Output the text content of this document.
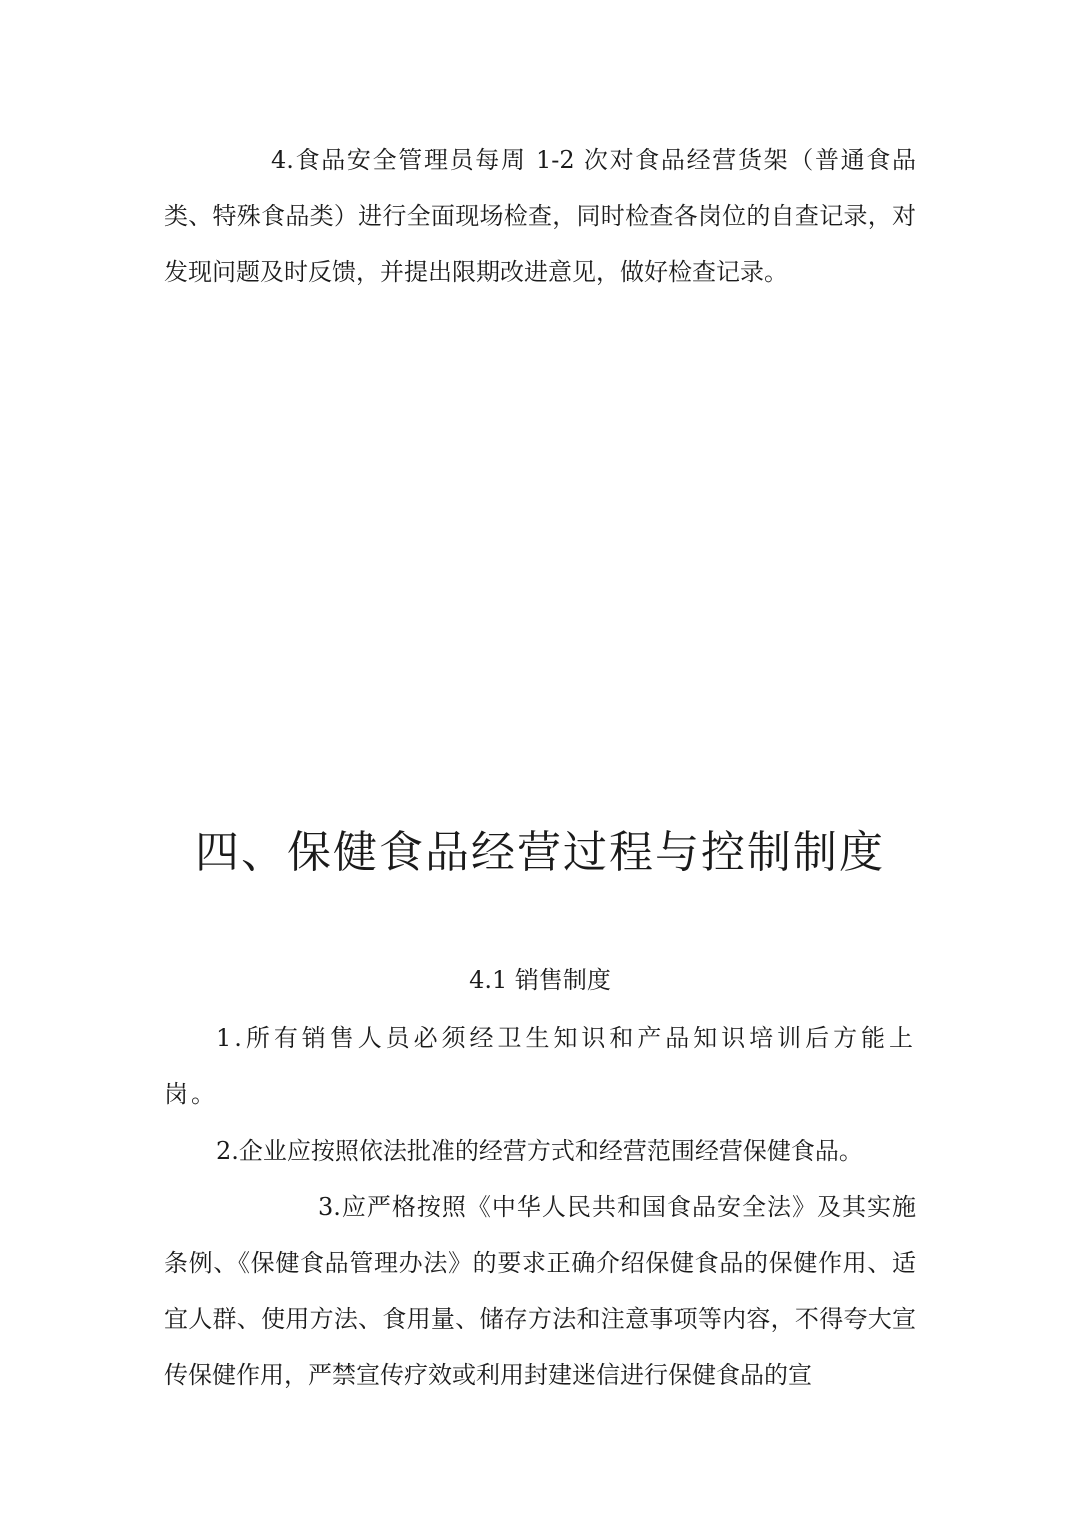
4.食品安全管理员每周 1-2 次对食品经营货架（普通食品类、特殊食品类）进行全面现场检查，同时检查各岗位的自查记录，对发现问题及时反馈，并提出限期改进意见，做好检查记录。

四、保健食品经营过程与控制制度
4.1 销售制度

1.所有销售人员必须经卫生知识和产品知识培训后方能上岗。

2.企业应按照依法批准的经营方式和经营范围经营保健食品。

3.应严格按照《中华人民共和国食品安全法》及其实施条例、《保健食品管理办法》的要求正确介绍保健食品的保健作用、适宜人群、使用方法、食用量、储存方法和注意事项等内容，不得夸大宣传保健作用，严禁宣传疗效或利用封建迷信进行保健食品的宣
